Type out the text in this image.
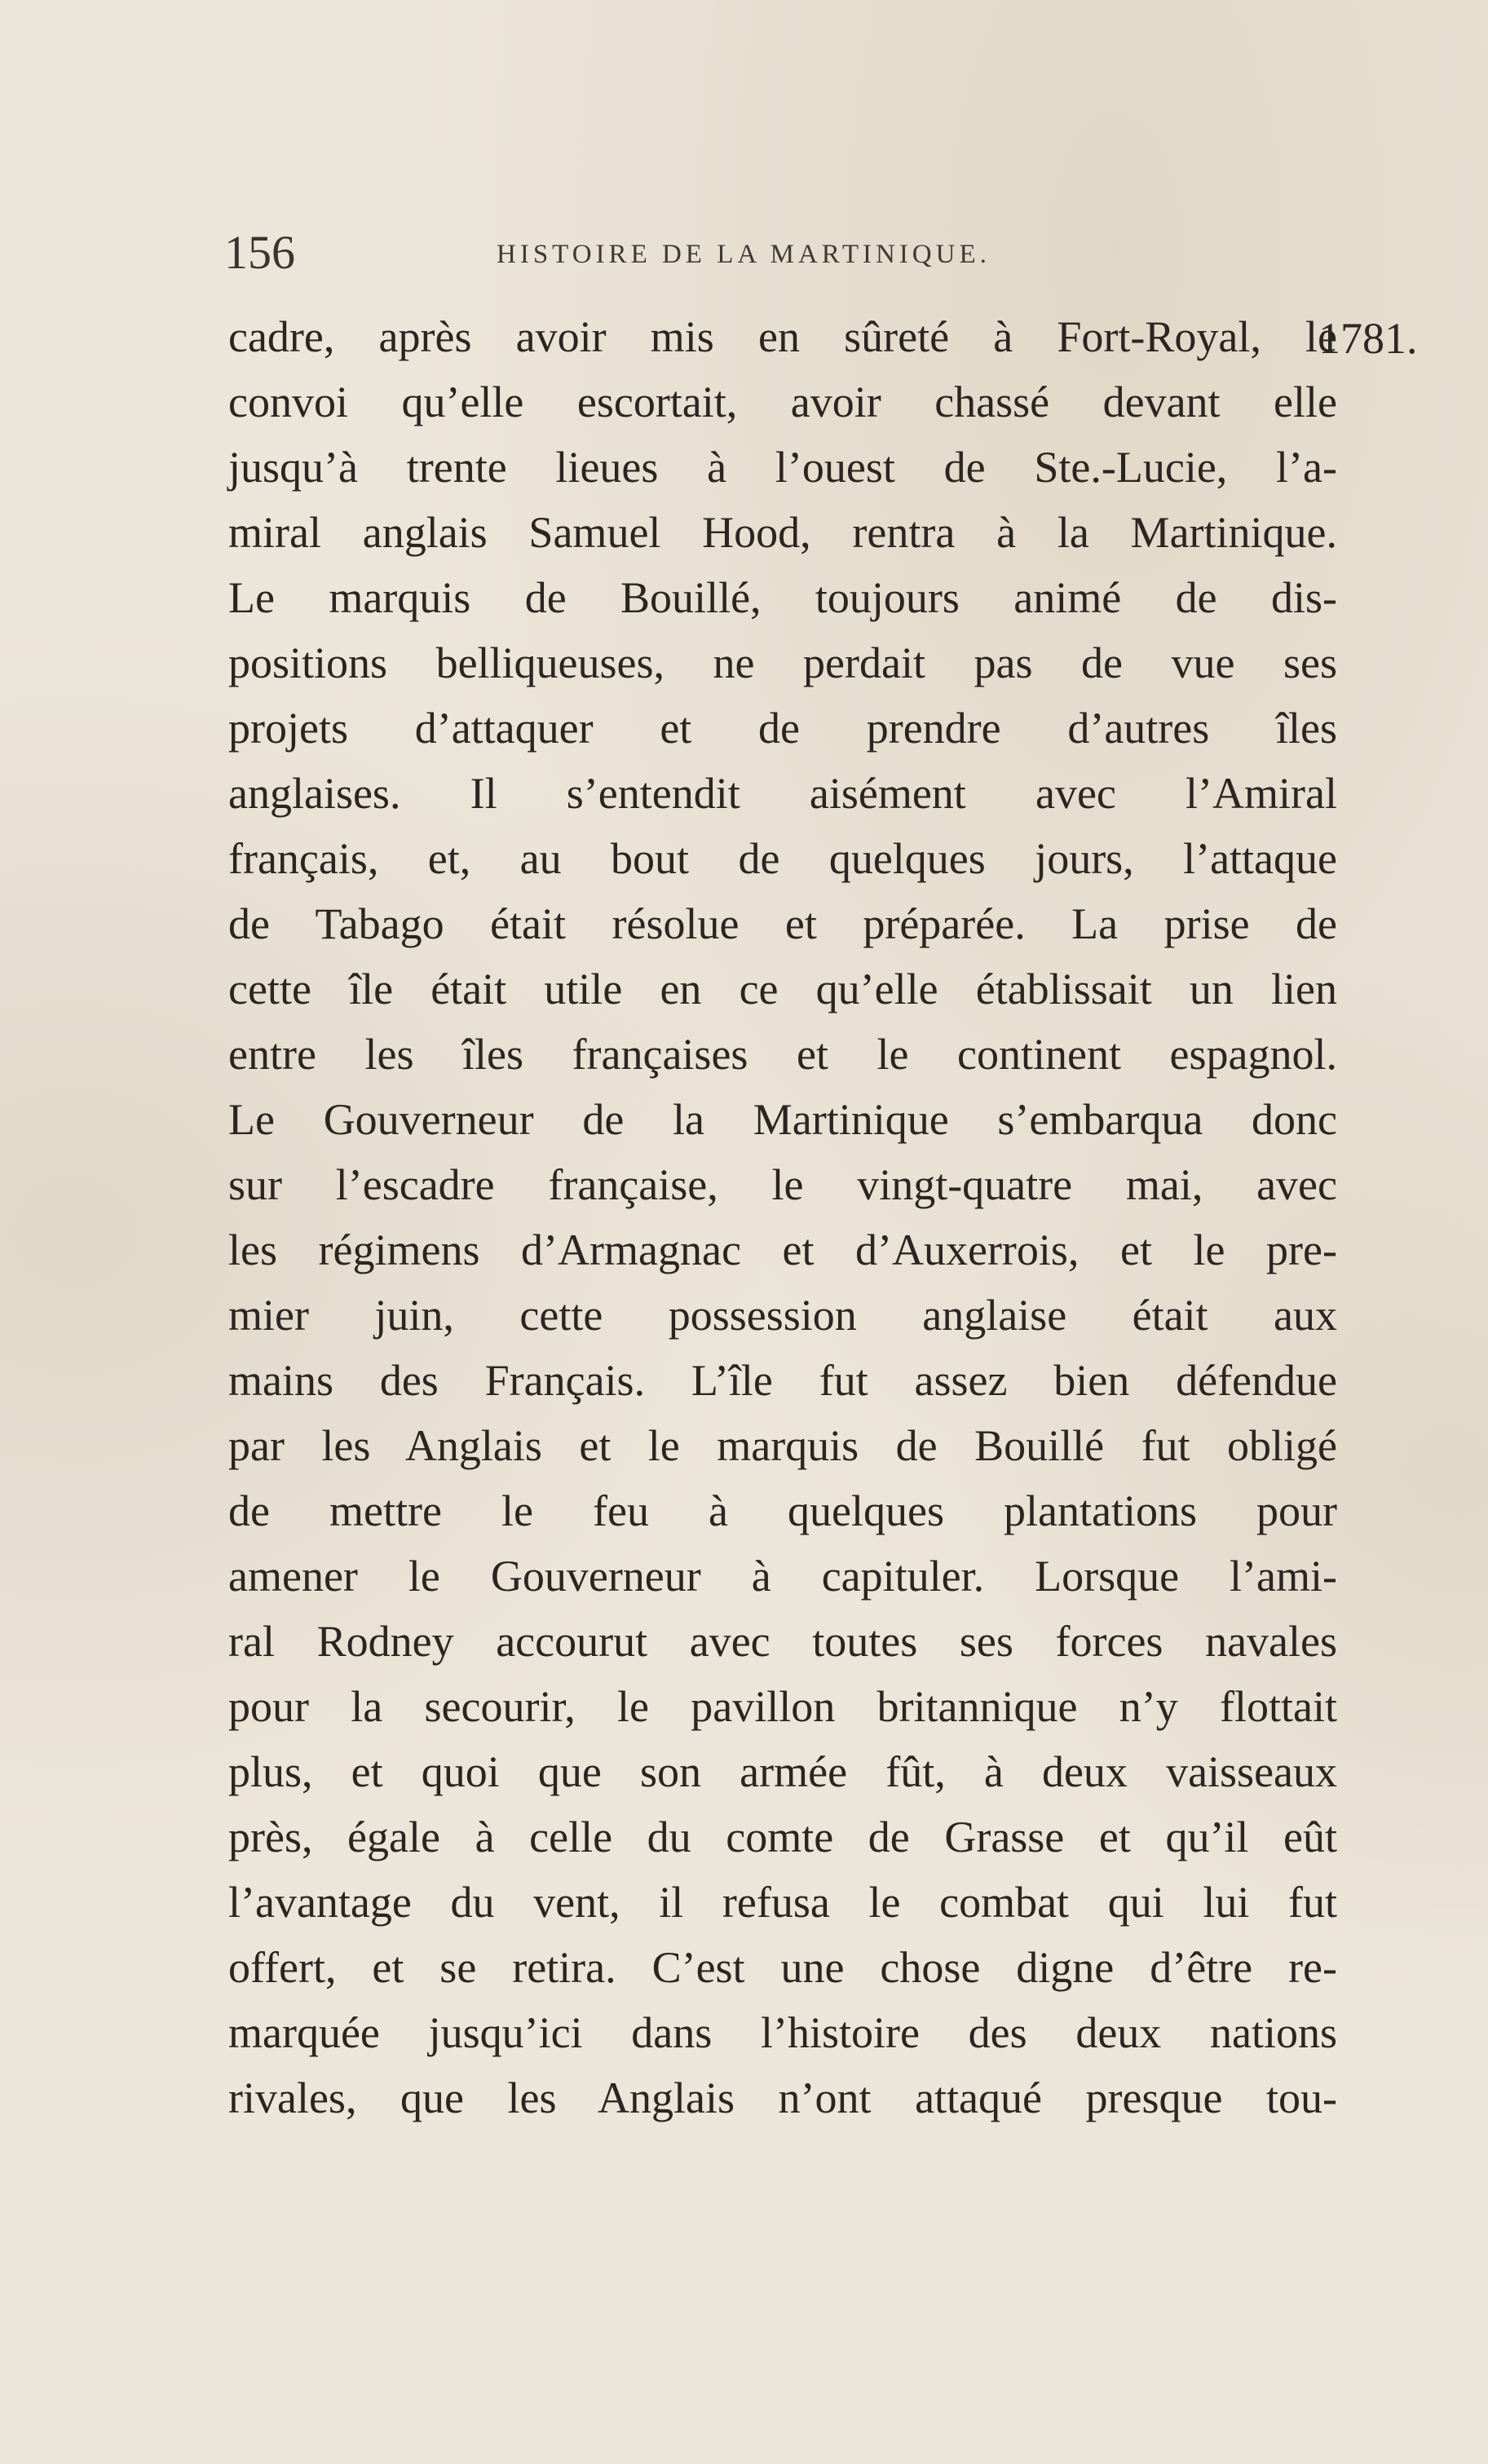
156	HISTOIRE DE LA MARTINIQUE.
1781.
cadre, après avoir mis en sûreté à Fort-Royal, le
convoi qu’elle escortait, avoir chassé devant elle
jusqu’à trente lieues à l’ouest de Ste.-Lucie, l’a-
miral anglais Samuel Hood, rentra à la Martinique.
Le marquis de Bouillé, toujours animé de dis-
positions belliqueuses, ne perdait pas de vue ses
projets d’attaquer et de prendre d’autres îles
anglaises. Il s’entendit aisément avec l’Amiral
français, et, au bout de quelques jours, l’attaque
de Tabago était résolue et préparée. La prise de
cette île était utile en ce qu’elle établissait un lien
entre les îles françaises et le continent espagnol.
Le Gouverneur de la Martinique s’embarqua donc
sur l’escadre française, le vingt-quatre mai, avec
les régimens d’Armagnac et d’Auxerrois, et le pre-
mier juin, cette possession anglaise était aux
mains des Français. L’île fut assez bien défendue
par les Anglais et le marquis de Bouillé fut obligé
de mettre le feu à quelques plantations pour
amener le Gouverneur à capituler. Lorsque l’ami-
ral Rodney accourut avec toutes ses forces navales
pour la secourir, le pavillon britannique n’y flottait
plus, et quoi que son armée fût, à deux vaisseaux
près, égale à celle du comte de Grasse et qu’il eût
l’avantage du vent, il refusa le combat qui lui fut
offert, et se retira. C’est une chose digne d’être re-
marquée jusqu’ici dans l’histoire des deux nations
rivales, que les Anglais n’ont attaqué presque tou-
